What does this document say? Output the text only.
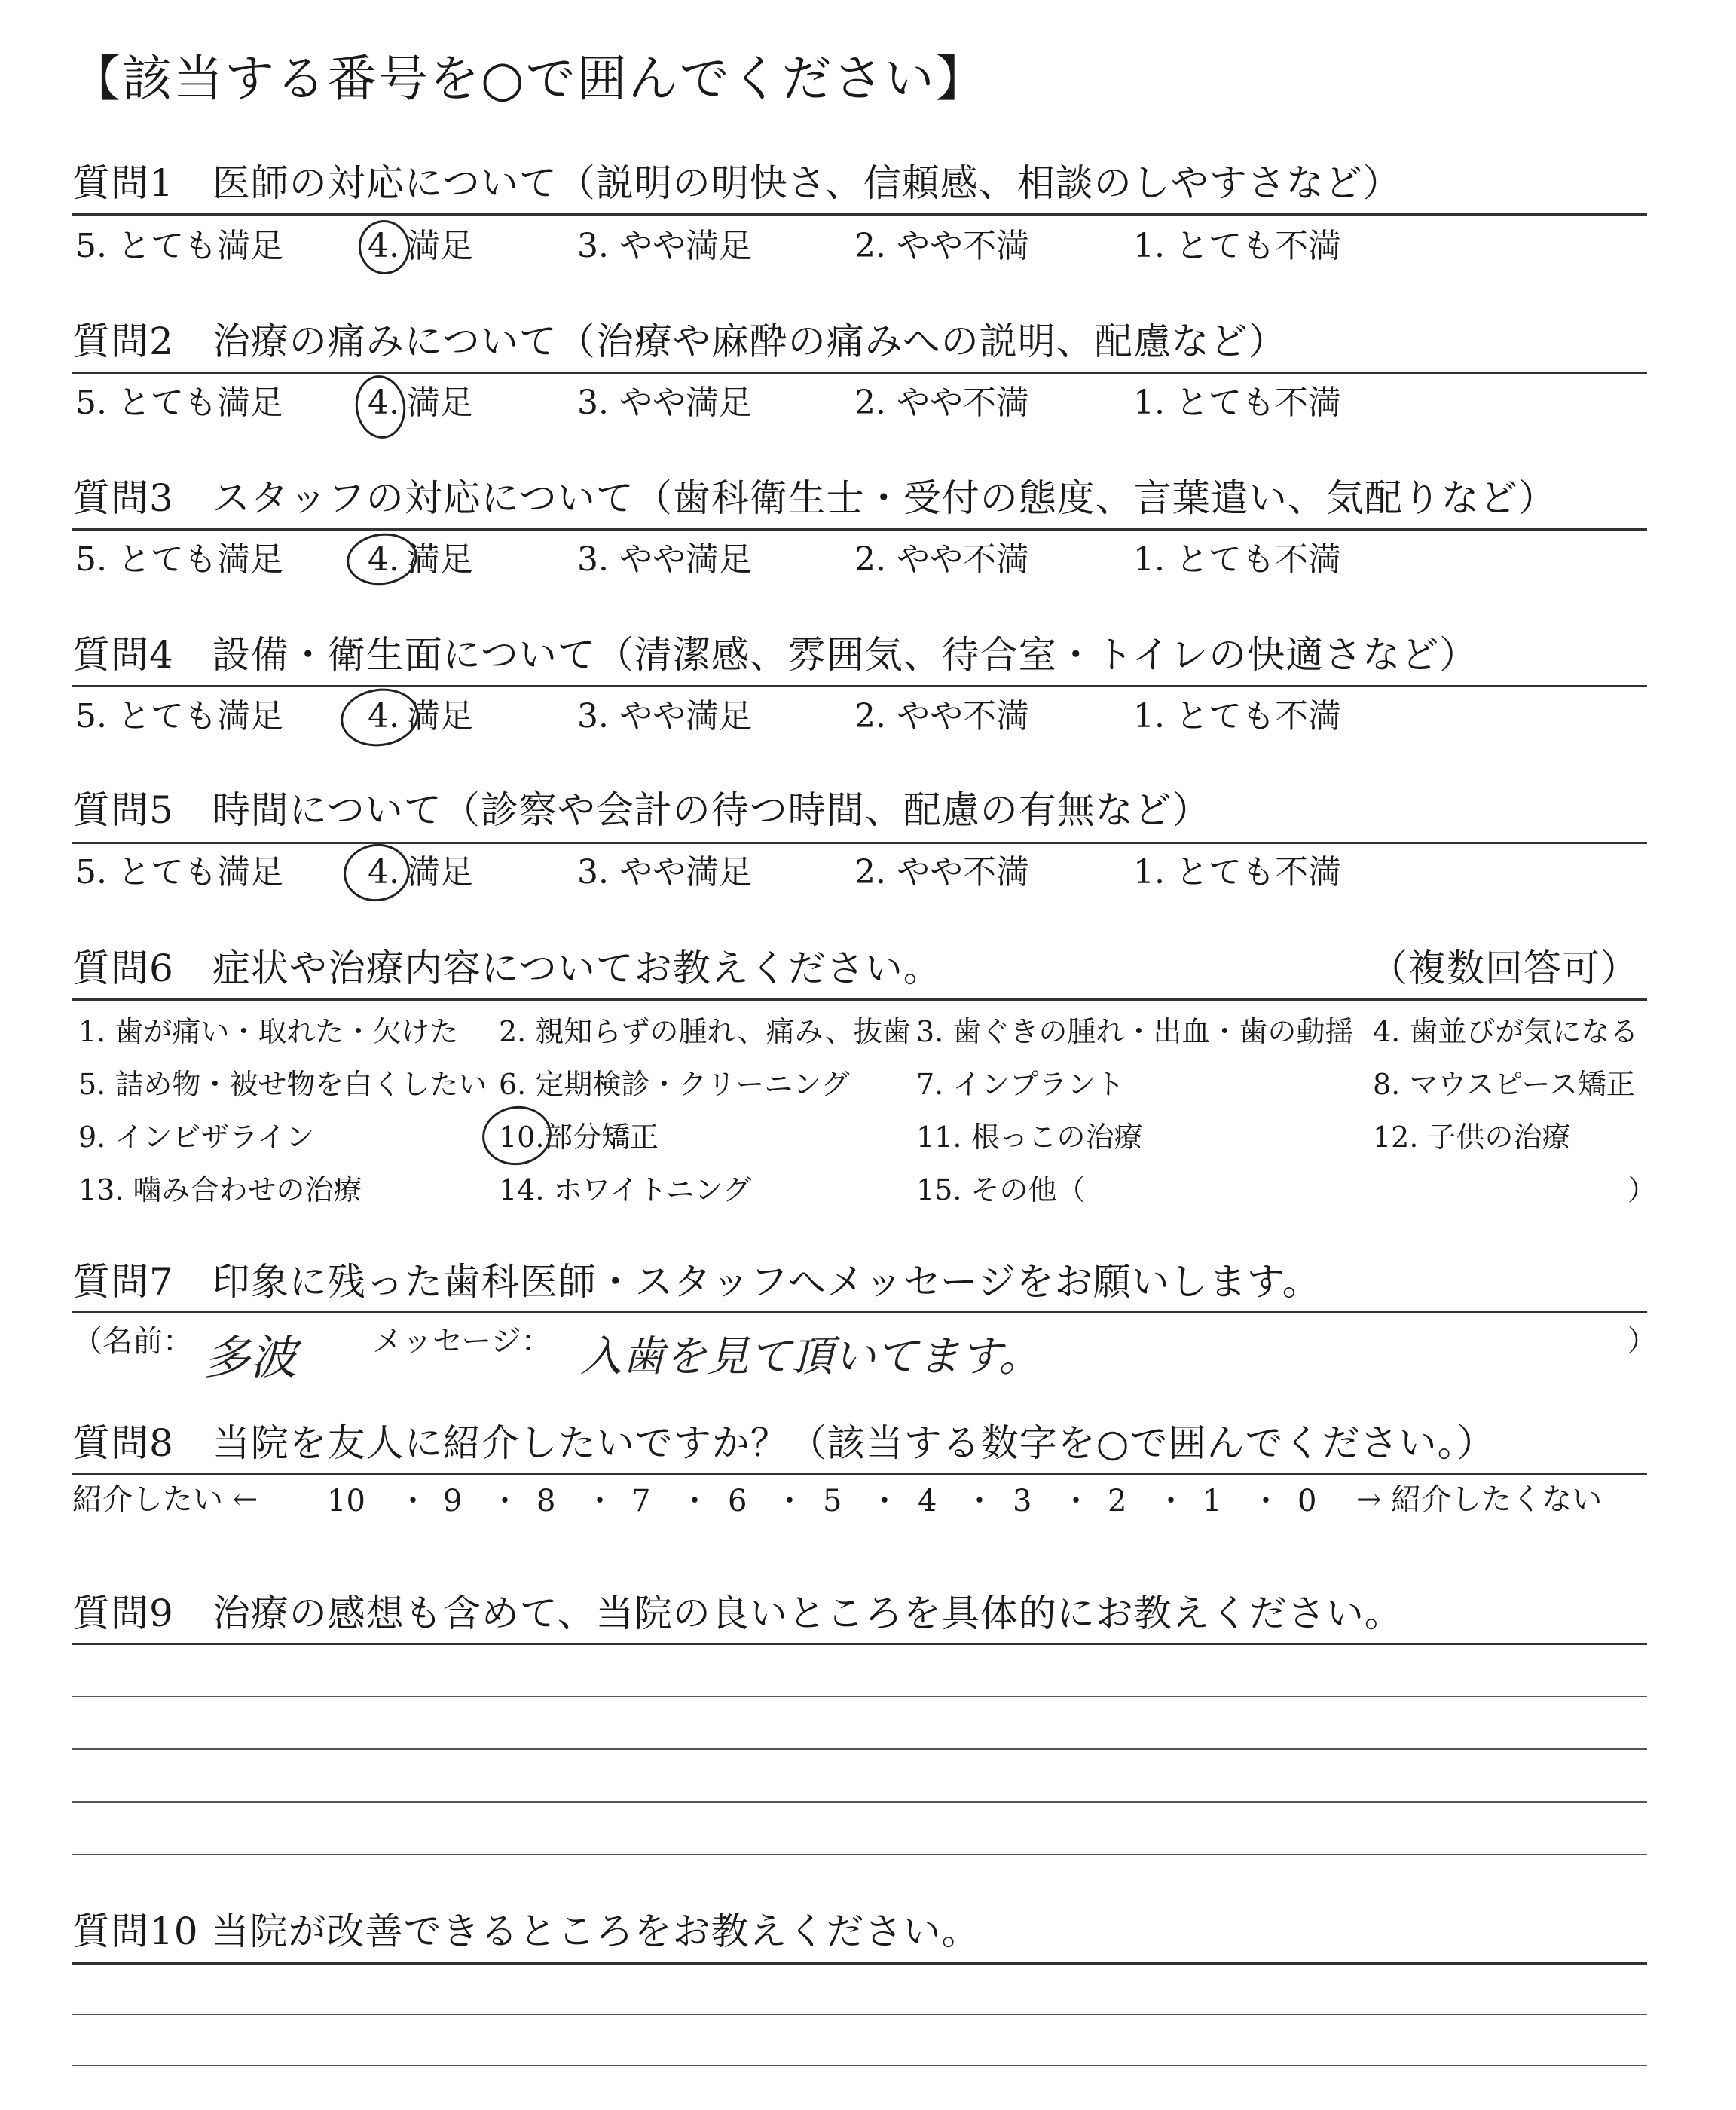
【該当する番号を○で囲んでください】
質問1　医師の対応について（説明の明快さ、信頼感、相談のしやすさなど）
5. とても満足	4. 満足	3. やや満足	2. やや不満	1. とても不満
質問2　治療の痛みについて（治療や麻酔の痛みへの説明、配慮など）
5. とても満足	4. 満足	3. やや満足	2. やや不満	1. とても不満
質問3　スタッフの対応について（歯科衛生士・受付の態度、言葉遣い、気配りなど）
5. とても満足	4. 満足	3. やや満足	2. やや不満	1. とても不満
質問4　設備・衛生面について（清潔感、雰囲気、待合室・トイレの快適さなど）
5. とても満足	4. 満足	3. やや満足	2. やや不満	1. とても不満
質問5　時間について（診察や会計の待つ時間、配慮の有無など）
5. とても満足	4. 満足	3. やや満足	2. やや不満	1. とても不満
質問6　症状や治療内容についてお教えください。	（複数回答可）
1. 歯が痛い・取れた・欠けた 2. 親知らずの腫れ、痛み、抜歯 3. 歯ぐきの腫れ・出血・歯の動揺 4. 歯並びが気になる
5. 詰め物・被せ物を白くしたい 6. 定期検診・クリーニング 7. インプラント	8. マウスピース矯正
9. インビザライン	10. 部分矯正	11. 根っこの治療	12. 子供の治療
13. 噛み合わせの治療	14. ホワイトニング	15. その他（	）
質問7　印象に残った歯科医師・スタッフへメッセージをお願いします。
（名前： 多波 メッセージ： 入歯を見て頂いてます。	）
質問8　当院を友人に紹介したいですか？（該当する数字を○で囲んでください。）
紹介したい ← 10 ・ 9 ・ 8 ・ 7 ・ 6 ・ 5 ・ 4 ・ 3 ・ 2 ・ 1 ・ 0 → 紹介したくない
質問9　治療の感想も含めて、当院の良いところを具体的にお教えください。
質問10 当院が改善できるところをお教えください。
